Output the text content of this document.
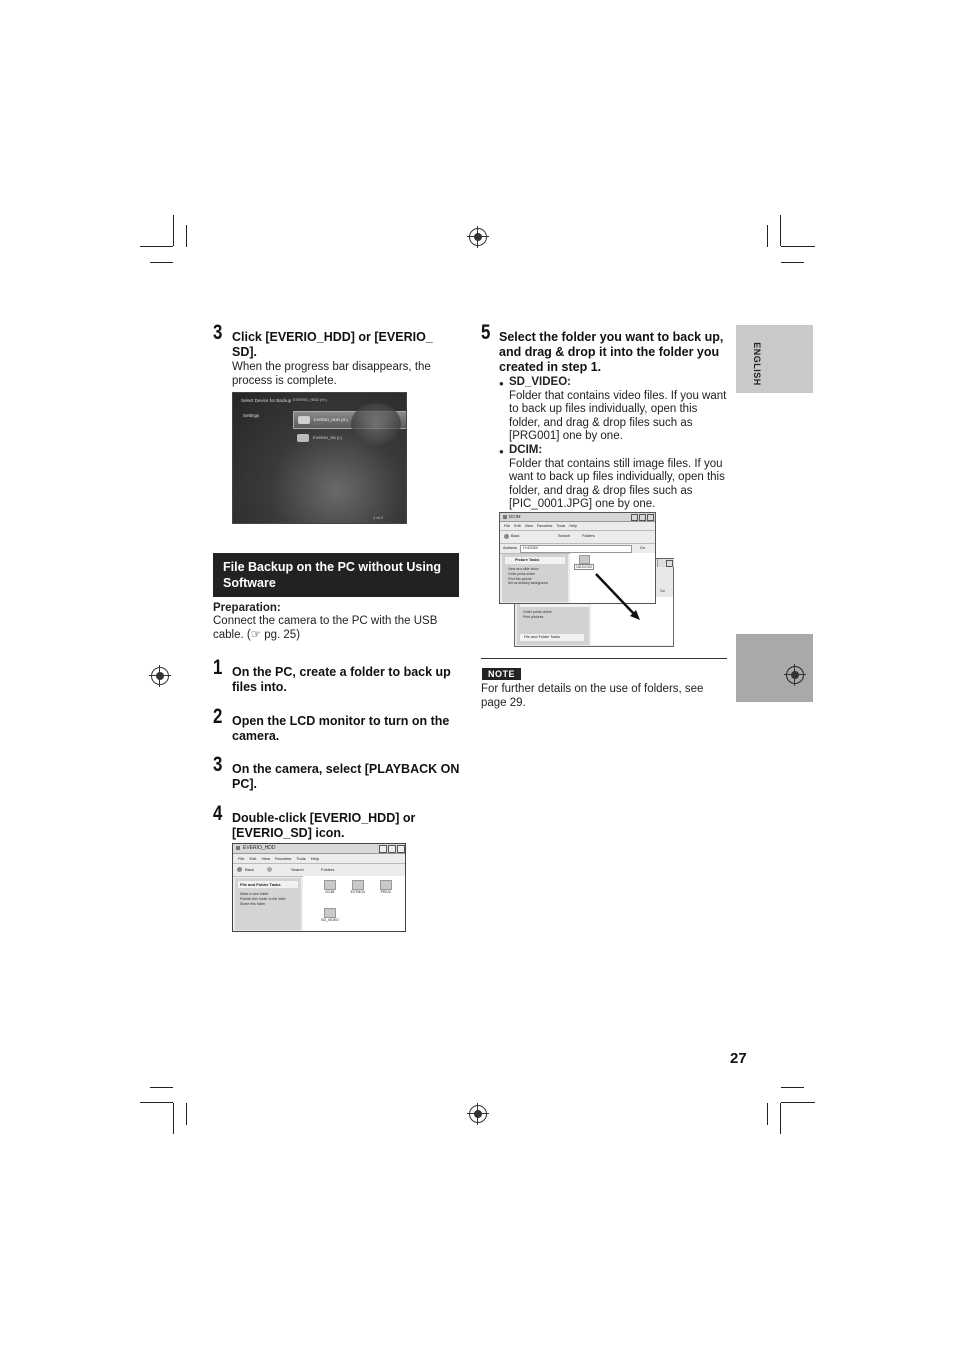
ENGLISH
3 Click [EVERIO_HDD] or [EVERIO_ SD].
When the progress bar disappears, the process is complete.
Select Device for Backup
Settings
EVERIO_HDD (H:)
EVERIO_HDD (H:)
EVERIO_SD (I:)
1 of 2
File Backup on the PC without Using Software
Preparation:
Connect the camera to the PC with the USB cable. (☞ pg. 25)
1 On the PC, create a folder to back up files into.
2 Open the LCD monitor to turn on the camera.
3 On the camera, select [PLAYBACK ON PC].
4 Double-click [EVERIO_HDD] or [EVERIO_SD] icon.
EVERIO_HDD
File Edit View Favorites Tools Help
Back	Search	Folders
File and Folder Tasks
Make a new folder
Publish this folder to the Web
Share this folder
DCIM	EXTMOV	PRIVC
SD_VIDEO
5 Select the folder you want to back up, and drag & drop it into the folder you created in step 1.
● SD_VIDEO:
Folder that contains video files. If you want to back up files individually, open this folder, and drag & drop files such as [PRG001] one by one.
● DCIM:
Folder that contains still image files. If you want to back up files individually, open this folder, and drag & drop files such as [PIC_0001.JPG] one by one.
Order prints online
Print pictures
File and Folder Tasks
Go
DCIM
File Edit View Favorites Tools Help
Back	Search	Folders
Address	H:\DCIM	Go
Picture Tasks
View as a slide show
Order prints online
Print this picture
Set as desktop background
100JVCSO
NOTE
For further details on the use of folders, see page 29.
27
